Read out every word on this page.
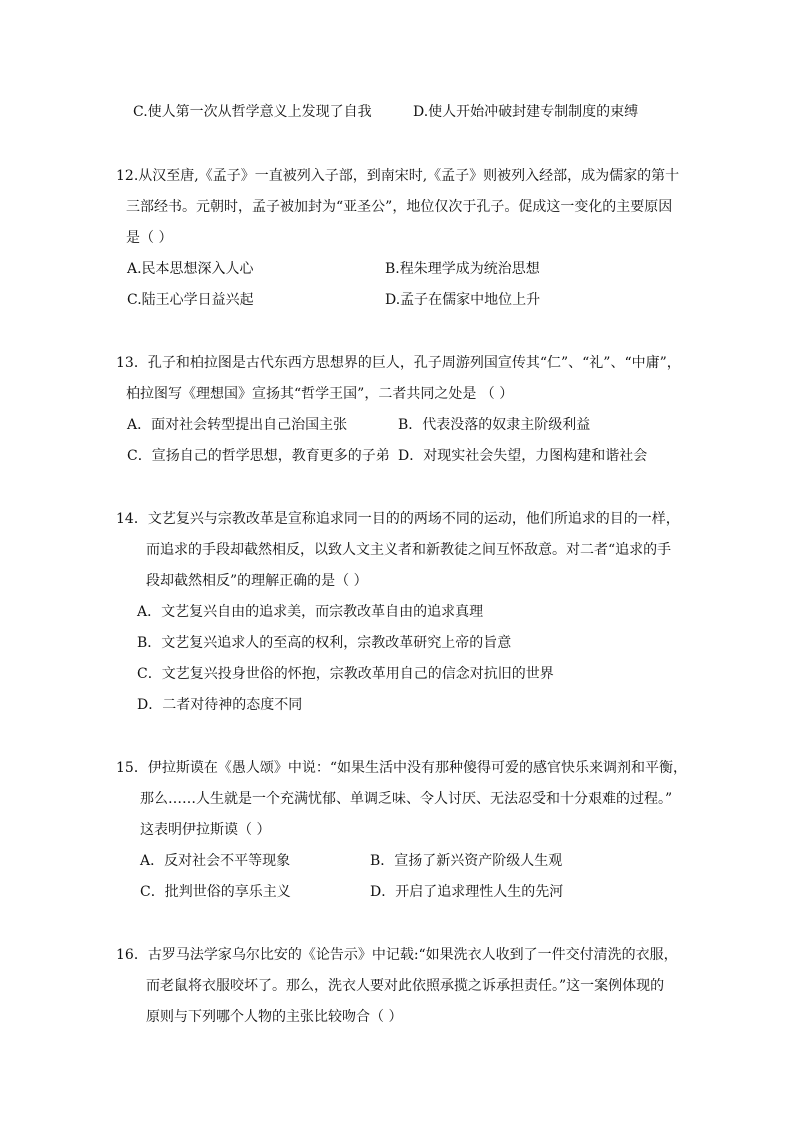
C.使人第一次从哲学意义上发现了自我	D.使人开始冲破封建专制制度的束缚
12.从汉至唐,《孟子》一直被列入子部，到南宋时,《孟子》则被列入经部，成为儒家的第十
三部经书。元朝时，孟子被加封为“亚圣公”，地位仅次于孔子。促成这一变化的主要原因
是（ ）
A.民本思想深入人心	B.程朱理学成为统治思想
C.陆王心学日益兴起	D.孟子在儒家中地位上升
13．孔子和柏拉图是古代东西方思想界的巨人，孔子周游列国宣传其“仁”、“礼”、“中庸”，
柏拉图写《理想国》宣扬其“哲学王国”，二者共同之处是 （ ）
A．面对社会转型提出自己治国主张	B．代表没落的奴隶主阶级利益
C．宣扬自己的哲学思想，教育更多的子弟 D．对现实社会失望，力图构建和谐社会
14．文艺复兴与宗教改革是宣称追求同一目的的两场不同的运动，他们所追求的目的一样，
而追求的手段却截然相反，以致人文主义者和新教徒之间互怀敌意。对二者“追求的手
段却截然相反”的理解正确的是（ ）
A．文艺复兴自由的追求美，而宗教改革自由的追求真理
B．文艺复兴追求人的至高的权利，宗教改革研究上帝的旨意
C．文艺复兴投身世俗的怀抱，宗教改革用自己的信念对抗旧的世界
D．二者对待神的态度不同
15．伊拉斯谟在《愚人颂》中说：“如果生活中没有那种傻得可爱的感官快乐来调剂和平衡，
那么……人生就是一个充满忧郁、单调乏味、令人讨厌、无法忍受和十分艰难的过程。”
这表明伊拉斯谟（ ）
A．反对社会不平等现象	B．宣扬了新兴资产阶级人生观
C．批判世俗的享乐主义	D．开启了追求理性人生的先河
16．古罗马法学家乌尔比安的《论告示》中记载:“如果洗衣人收到了一件交付清洗的衣服，
而老鼠将衣服咬坏了。那么，洗衣人要对此依照承揽之诉承担责任。”这一案例体现的
原则与下列哪个人物的主张比较吻合（ ）
